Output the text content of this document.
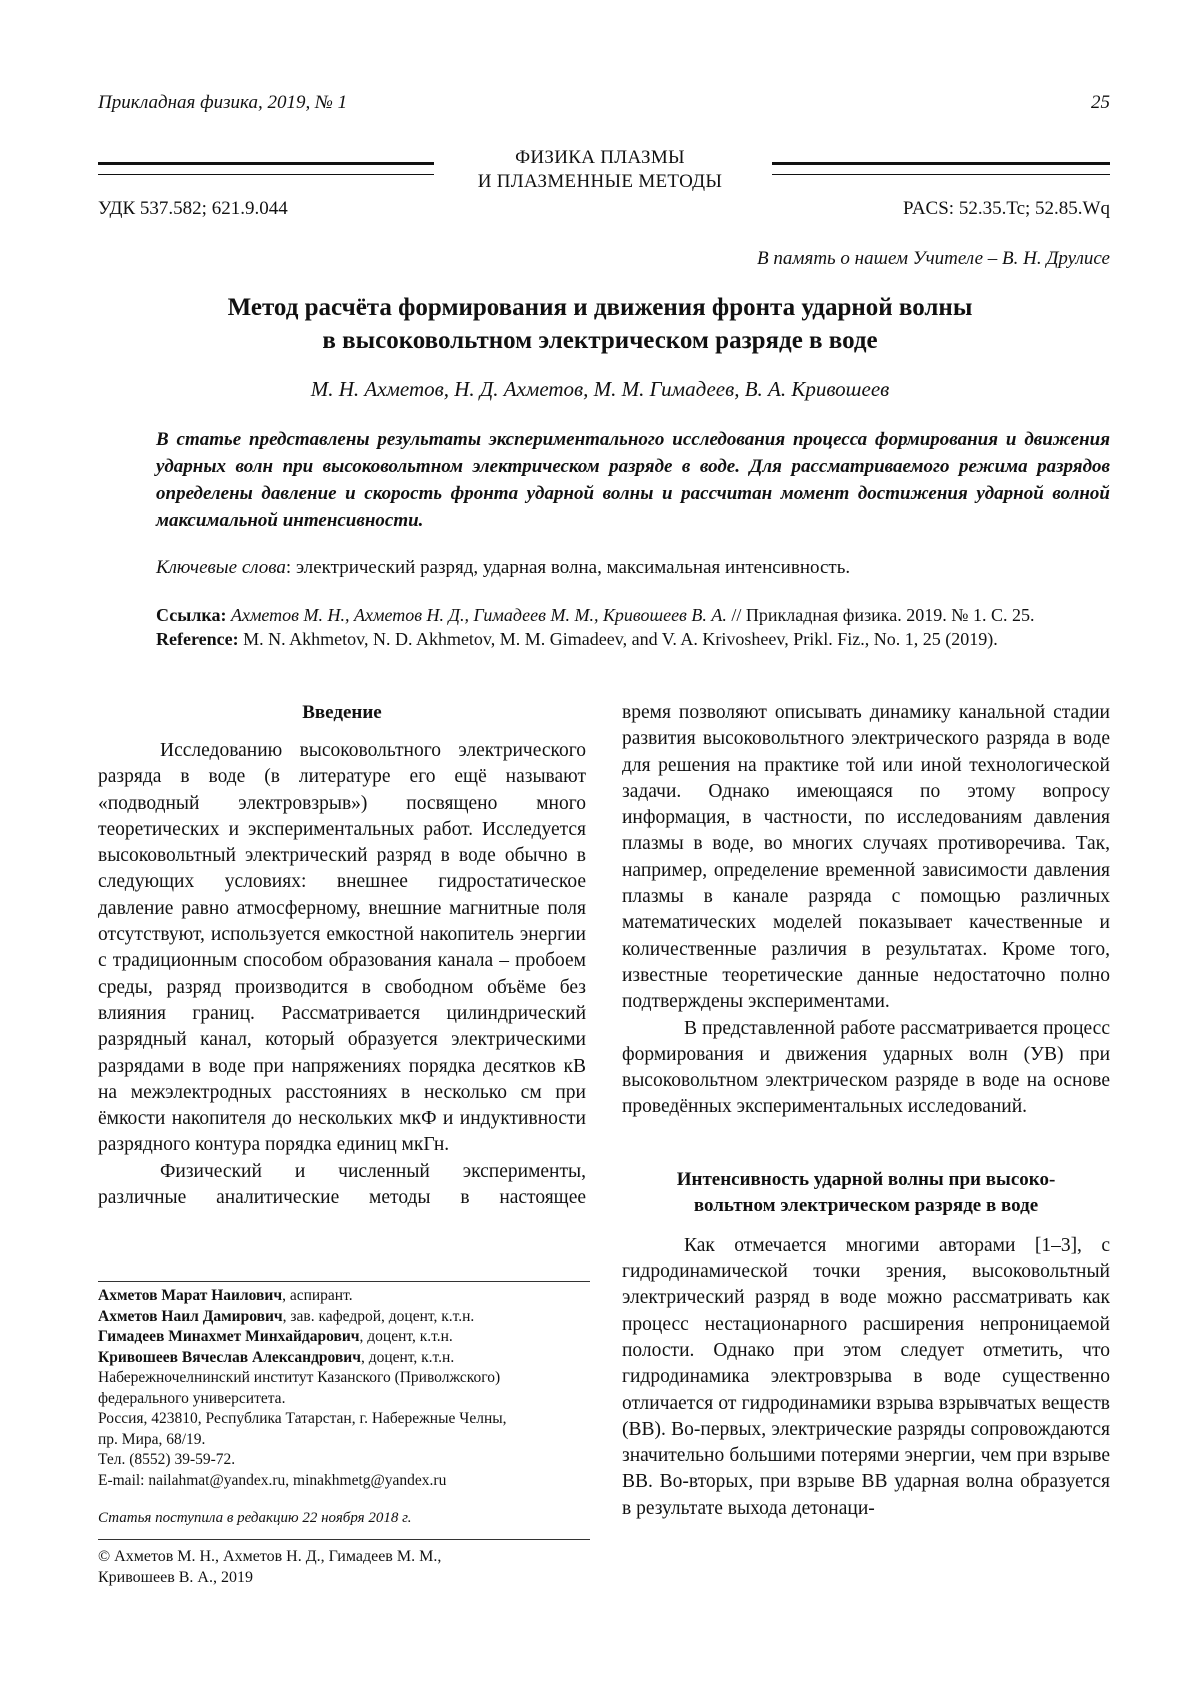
Прикладная физика, 2019, № 1	25
ФИЗИКА ПЛАЗМЫ
И ПЛАЗМЕННЫЕ МЕТОДЫ
УДК 537.582; 621.9.044	PACS: 52.35.Tc; 52.85.Wq
В память о нашем Учителе – В. Н. Друлисе
Метод расчёта формирования и движения фронта ударной волны
в высоковольтном электрическом разряде в воде
М. Н. Ахметов, Н. Д. Ахметов, М. М. Гимадеев, В. А. Кривошеев
В статье представлены результаты экспериментального исследования процесса формирования и движения ударных волн при высоковольтном электрическом разряде в воде. Для рассматриваемого режима разрядов определены давление и скорость фронта ударной волны и рассчитан момент достижения ударной волной максимальной интенсивности.
Ключевые слова: электрический разряд, ударная волна, максимальная интенсивность.
Ссылка: Ахметов М. Н., Ахметов Н. Д., Гимадеев М. М., Кривошеев В. А. // Прикладная физика. 2019. № 1. С. 25.
Reference: M. N. Akhmetov, N. D. Akhmetov, M. M. Gimadeev, and V. A. Krivosheev, Prikl. Fiz., No. 1, 25 (2019).
Введение

Исследованию высоковольтного электрического разряда в воде (в литературе его ещё называют «подводный электровзрыв») посвящено много теоретических и экспериментальных работ. Исследуется высоковольтный электрический разряд в воде обычно в следующих условиях: внешнее гидростатическое давление равно атмосферному, внешние магнитные поля отсутствуют, используется емкостной накопитель энергии с традиционным способом образования канала – пробоем среды, разряд производится в свободном объёме без влияния границ. Рассматривается цилиндрический разрядный канал, который образуется электрическими разрядами в воде при напряжениях порядка десятков кВ на межэлектродных расстояниях в несколько см при ёмкости накопителя до нескольких мкФ и индуктивности разрядного контура порядка единиц мкГн.

Физический и численный эксперименты, различные аналитические методы в настоящее

время позволяют описывать динамику канальной стадии развития высоковольтного электрического разряда в воде для решения на практике той или иной технологической задачи. Однако имеющаяся по этому вопросу информация, в частности, по исследованиям давления плазмы в воде, во многих случаях противоречива. Так, например, определение временной зависимости давления плазмы в канале разряда с помощью различных математических моделей показывает качественные и количественные различия в результатах. Кроме того, известные теоретические данные недостаточно полно подтверждены экспериментами.

В представленной работе рассматривается процесс формирования и движения ударных волн (УВ) при высоковольтном электрическом разряде в воде на основе проведённых экспериментальных исследований.

Интенсивность ударной волны при высоко-
вольтном электрическом разряде в воде

Как отмечается многими авторами [1–3], с гидродинамической точки зрения, высоковольтный электрический разряд в воде можно рассматривать как процесс нестационарного расширения непроницаемой полости. Однако при этом следует отметить, что гидродинамика электровзрыва в воде существенно отличается от гидродинамики взрыва взрывчатых веществ (ВВ). Во-первых, электрические разряды сопровождаются значительно большими потерями энергии, чем при взрыве ВВ. Во-вторых, при взрыве ВВ ударная волна образуется в результате выхода детонаци-

Ахметов Марат Наилович, аспирант.
Ахметов Наил Дамирович, зав. кафедрой, доцент, к.т.н.
Гимадеев Минахмет Минхайдарович, доцент, к.т.н.
Кривошеев Вячеслав Александрович, доцент, к.т.н.
Набережночелнинский институт Казанского (Приволжского)
федерального университета.
Россия, 423810, Республика Татарстан, г. Набережные Челны,
пр. Мира, 68/19.
Тел. (8552) 39-59-72.
E-mail: nailahmat@yandex.ru, minakhmetg@yandex.ru
Статья поступила в редакцию 22 ноября 2018 г.
© Ахметов М. Н., Ахметов Н. Д., Гимадеев М. М.,
Кривошеев В. А., 2019
